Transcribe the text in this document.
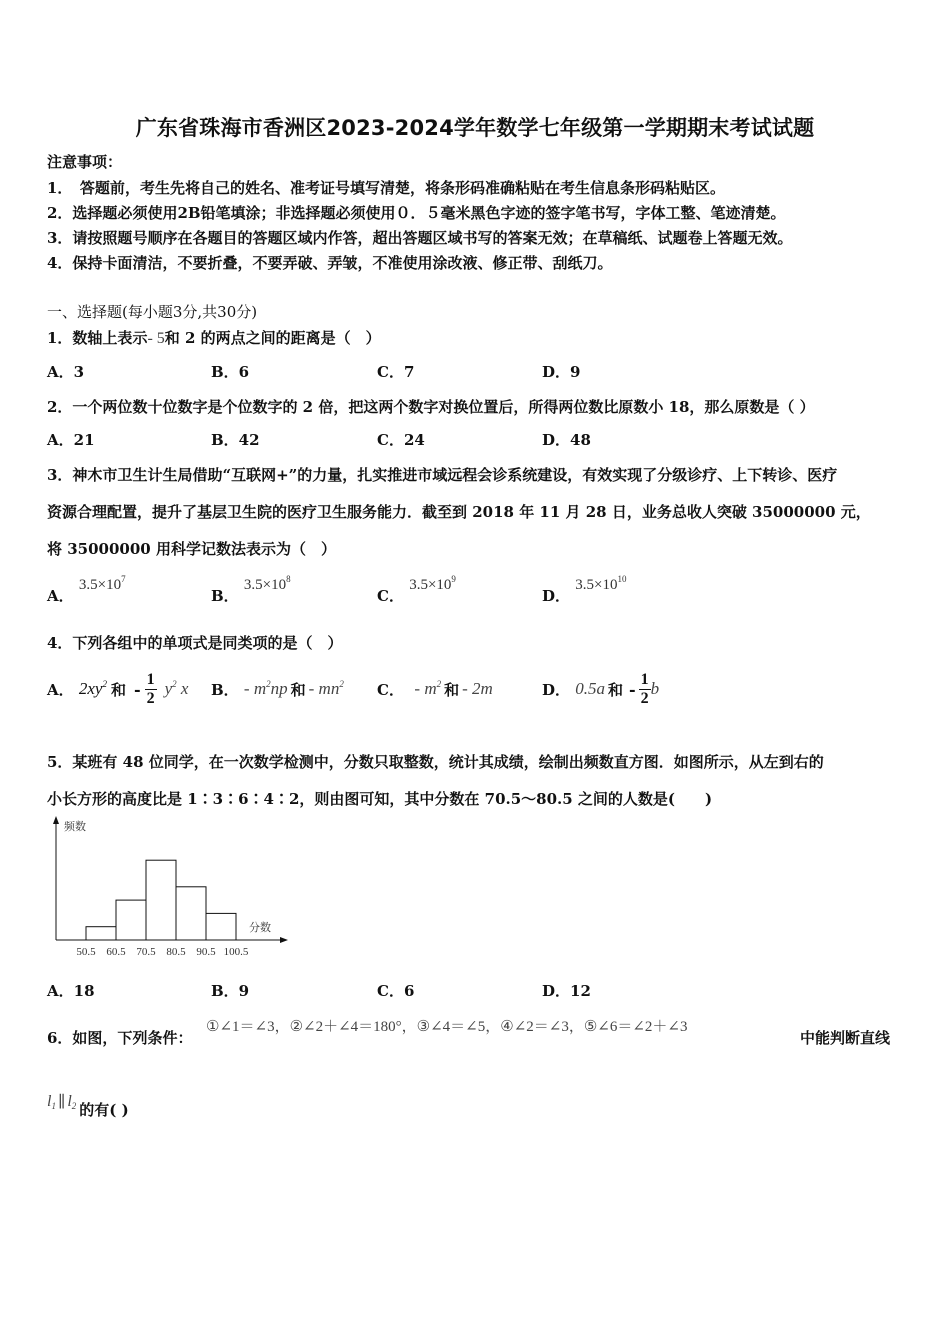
广东省珠海市香洲区2023-2024学年数学七年级第一学期期末考试试题
注意事项：
1．　答题前，考生先将自己的姓名、准考证号填写清楚，将条形码准确粘贴在考生信息条形码粘贴区。
2．选择题必须使用2B铅笔填涂；非选择题必须使用０．５毫米黑色字迹的签字笔书写，字体工整、笔迹清楚。
3．请按照题号顺序在各题目的答题区域内作答，超出答题区域书写的答案无效；在草稿纸、试题卷上答题无效。
4．保持卡面清洁，不要折叠，不要弄破、弄皱，不准使用涂改液、修正带、刮纸刀。
一、选择题(每小题3分,共30分)
1．数轴上表示- 5和 2 的两点之间的距离是（　）
A．3	B．6	C．7	D．9
2．一个两位数十位数字是个位数字的 2 倍，把这两个数字对换位置后，所得两位数比原数小 18，那么原数是（ ）
A．21	B．42	C．24	D．48
3．神木市卫生计生局借助“互联网+”的力量，扎实推进市域远程会诊系统建设，有效实现了分级诊疗、上下转诊、医疗
资源合理配置，提升了基层卫生院的医疗卫生服务能力．截至到 2018 年 11 月 28 日，业务总收人突破 35000000 元，
将 35000000 用科学记数法表示为（　）
A． $3.5\times 10^7$
B． $3.5\times 10^8$
C． $3.5\times 10^9$
D． $3.5\times 10^{10}$
4．下列各组中的单项式是同类项的是（　）
A．
$2xy^2$ 和 - $\frac{1}{2} y^2$ x B．
- $m^2np$ 和 - $mn^2$ C．
- $m^2$ 和 - 2m	D．
0.5a 和 - $\frac{1}{2}$ b
5．某班有 48 位同学，在一次数学检测中，分数只取整数，统计其成绩，绘制出频数直方图．如图所示，从左到右的
小长方形的高度比是 1∶3∶6∶4∶2，则由图可知，其中分数在 70.5～80.5 之间的人数是(　　)
频数
分数
50.5 60.5 70.5 80.5 90.5 100.5
A．18	B．9	C．6	D．12
6．如图，下列条件：
①∠1＝∠3，②∠2＋∠4＝180°，③∠4＝∠5，④∠2＝∠3，⑤∠6＝∠2＋∠3
中能判断直线
$l_1$ ∥ $l_2$ 的有( )
